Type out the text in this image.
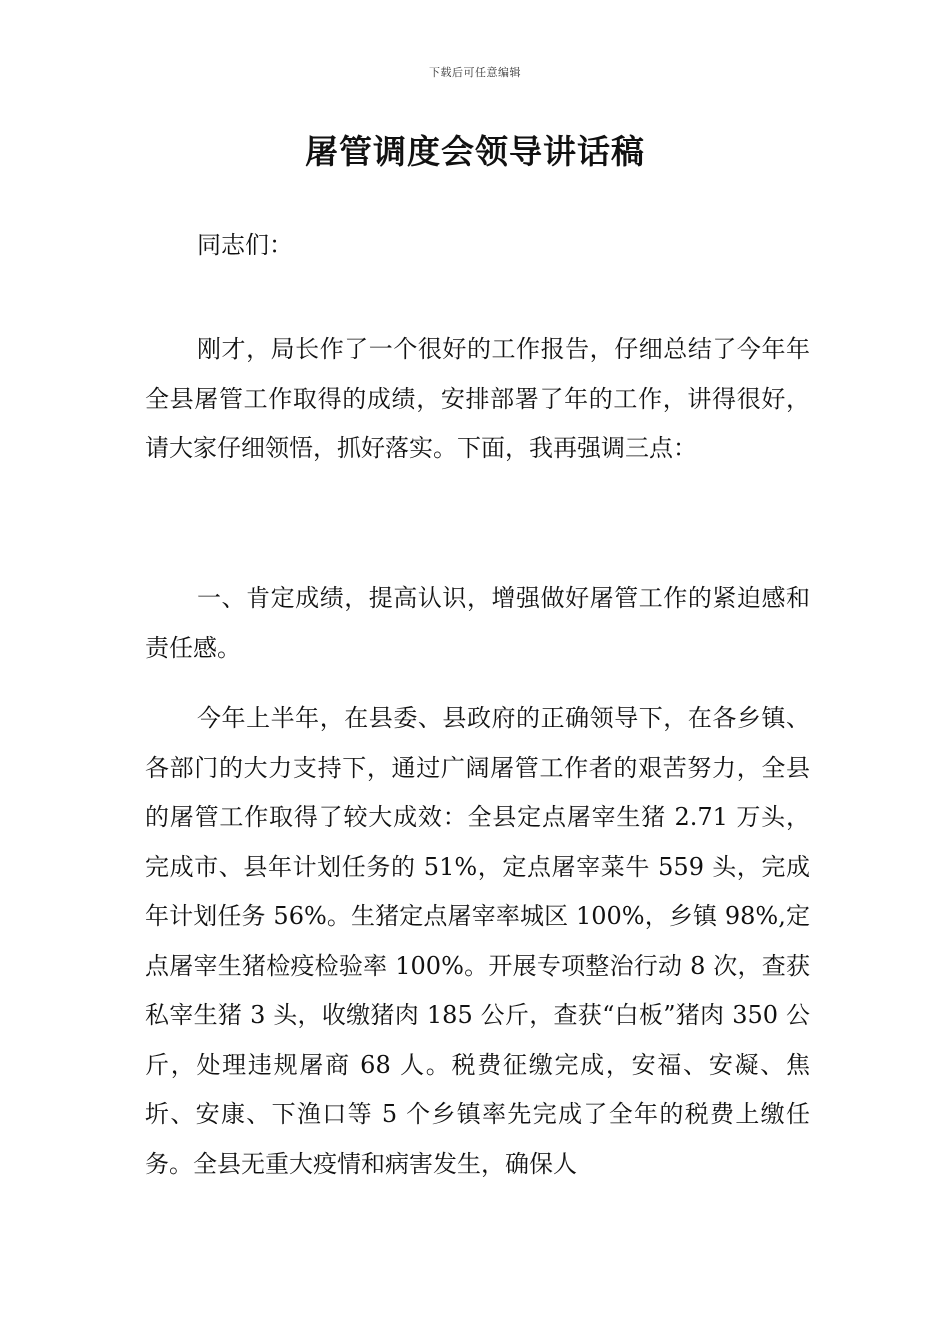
下载后可任意编辑
屠管调度会领导讲话稿

同志们：

刚才，局长作了一个很好的工作报告，仔细总结了今年年全县屠管工作取得的成绩，安排部署了年的工作，讲得很好，请大家仔细领悟，抓好落实。下面，我再强调三点：

一、肯定成绩，提高认识，增强做好屠管工作的紧迫感和责任感。

今年上半年，在县委、县政府的正确领导下，在各乡镇、各部门的大力支持下，通过广阔屠管工作者的艰苦努力，全县的屠管工作取得了较大成效：全县定点屠宰生猪 2.71 万头，完成市、县年计划任务的 51%，定点屠宰菜牛 559 头，完成年计划任务 56%。生猪定点屠宰率城区 100%，乡镇 98%,定点屠宰生猪检疫检验率 100%。开展专项整治行动 8 次，查获私宰生猪 3 头，收缴猪肉 185 公斤，查获“白板”猪肉 350 公斤，处理违规屠商 68 人。税费征缴完成，安福、安凝、焦圻、安康、下渔口等 5 个乡镇率先完成了全年的税费上缴任务。全县无重大疫情和病害发生，确保人
